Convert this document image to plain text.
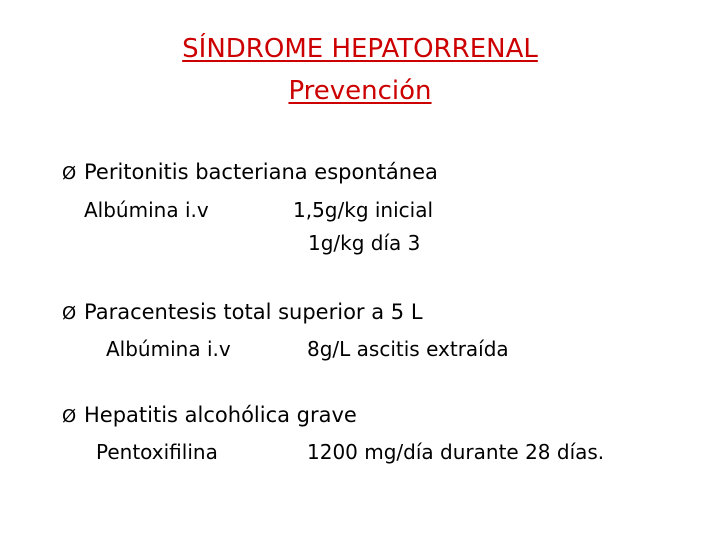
SÍNDROME HEPATORRENAL
Prevención
Ø Peritonitis bacteriana espontánea
Albúmina i.v	1,5g/kg inicial
1g/kg día 3
Ø Paracentesis total superior a 5 L
Albúmina i.v	8g/L ascitis extraída
Ø Hepatitis alcohólica grave
Pentoxifilina	1200 mg/día durante 28 días.
